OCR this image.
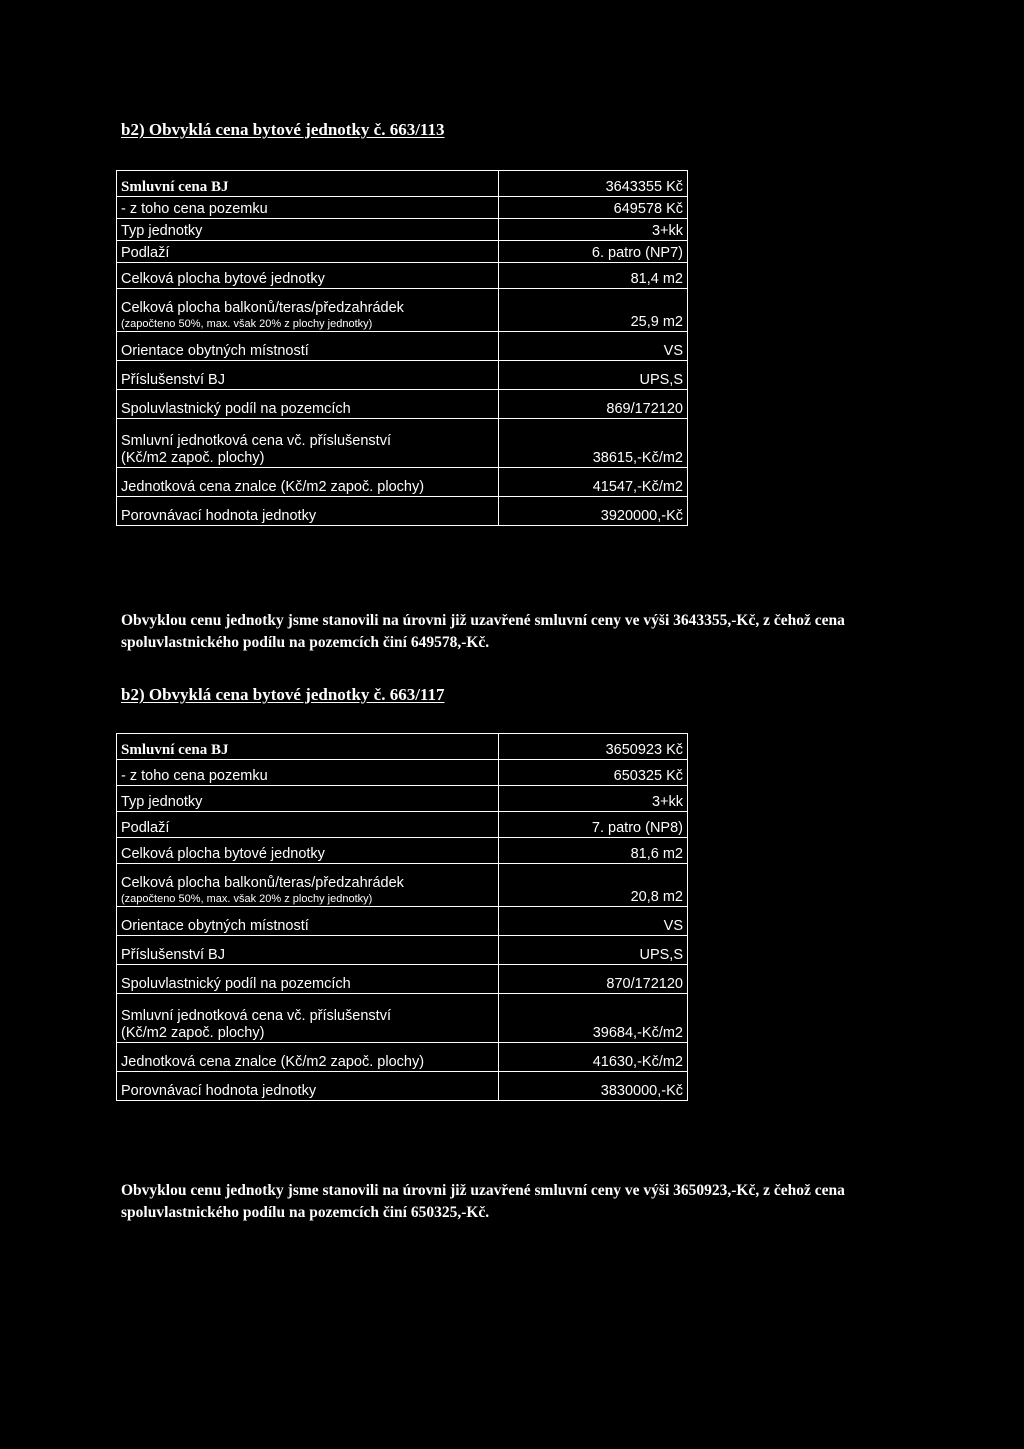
b2) Obvyklá cena bytové jednotky č. 663/113
Smluvní cena BJ	3643355 Kč
- z toho cena pozemku	649578 Kč
Typ jednotky	3+kk
Podlaží	6. patro (NP7)
Celková plocha bytové jednotky	81,4 m2
Celková plocha balkonů/teras/předzahrádek
(započteno 50%, max. však 20% z plochy jednotky)	25,9 m2
Orientace obytných místností	VS
Příslušenství BJ	UPS,S
Spoluvlastnický podíl na pozemcích	869/172120
Smluvní jednotková cena vč. příslušenství
(Kč/m2 započ. plochy)	38615,-Kč/m2
Jednotková cena znalce (Kč/m2 započ. plochy)	41547,-Kč/m2
Porovnávací hodnota jednotky	3920000,-Kč

Obvyklou cenu jednotky jsme stanovili na úrovni již uzavřené smluvní ceny ve výši 3643355,-Kč, z čehož cena spoluvlastnického podílu na pozemcích činí 649578,-Kč.

b2) Obvyklá cena bytové jednotky č. 663/117
Smluvní cena BJ	3650923 Kč
- z toho cena pozemku	650325 Kč
Typ jednotky	3+kk
Podlaží	7. patro (NP8)
Celková plocha bytové jednotky	81,6 m2
Celková plocha balkonů/teras/předzahrádek
(započteno 50%, max. však 20% z plochy jednotky)	20,8 m2
Orientace obytných místností	VS
Příslušenství BJ	UPS,S
Spoluvlastnický podíl na pozemcích	870/172120
Smluvní jednotková cena vč. příslušenství
(Kč/m2 započ. plochy)	39684,-Kč/m2
Jednotková cena znalce (Kč/m2 započ. plochy)	41630,-Kč/m2
Porovnávací hodnota jednotky	3830000,-Kč

Obvyklou cenu jednotky jsme stanovili na úrovni již uzavřené smluvní ceny ve výši 3650923,-Kč, z čehož cena spoluvlastnického podílu na pozemcích činí 650325,-Kč.
